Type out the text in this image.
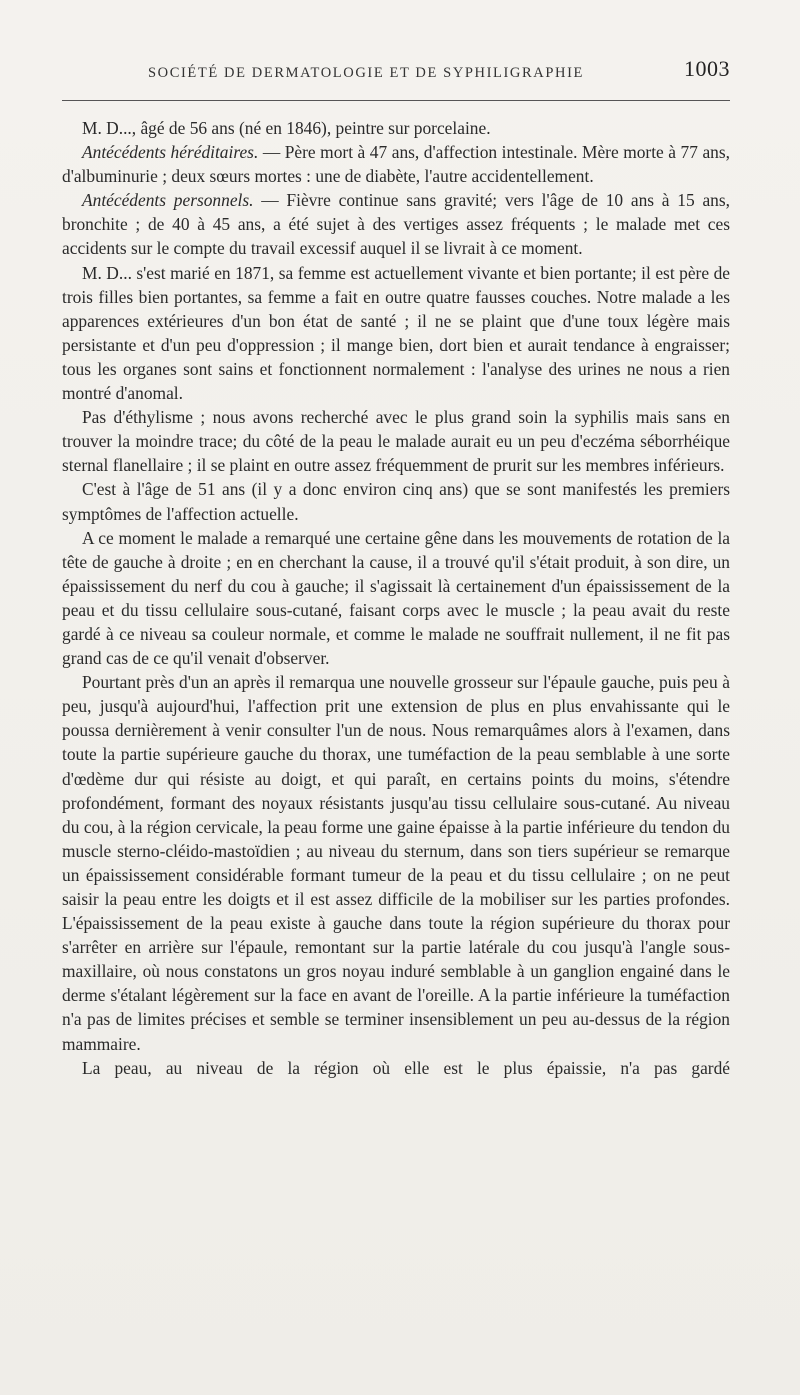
SOCIÉTÉ DE DERMATOLOGIE ET DE SYPHILIGRAPHIE	1003

M. D..., âgé de 56 ans (né en 1846), peintre sur porcelaine.

Antécédents héréditaires. — Père mort à 47 ans, d'affection intestinale. Mère morte à 77 ans, d'albuminurie ; deux sœurs mortes : une de diabète, l'autre accidentellement.

Antécédents personnels. — Fièvre continue sans gravité; vers l'âge de 10 ans à 15 ans, bronchite ; de 40 à 45 ans, a été sujet à des vertiges assez fréquents ; le malade met ces accidents sur le compte du travail excessif auquel il se livrait à ce moment.

M. D... s'est marié en 1871, sa femme est actuellement vivante et bien portante; il est père de trois filles bien portantes, sa femme a fait en outre quatre fausses couches. Notre malade a les apparences extérieures d'un bon état de santé ; il ne se plaint que d'une toux légère mais persistante et d'un peu d'oppression ; il mange bien, dort bien et aurait tendance à engraisser; tous les organes sont sains et fonctionnent normalement : l'analyse des urines ne nous a rien montré d'anomal.

Pas d'éthylisme ; nous avons recherché avec le plus grand soin la syphilis mais sans en trouver la moindre trace; du côté de la peau le malade aurait eu un peu d'eczéma séborrhéique sternal flanellaire ; il se plaint en outre assez fréquemment de prurit sur les membres inférieurs.

C'est à l'âge de 51 ans (il y a donc environ cinq ans) que se sont manifestés les premiers symptômes de l'affection actuelle.

A ce moment le malade a remarqué une certaine gêne dans les mouvements de rotation de la tête de gauche à droite ; en en cherchant la cause, il a trouvé qu'il s'était produit, à son dire, un épaississement du nerf du cou à gauche; il s'agissait là certainement d'un épaississement de la peau et du tissu cellulaire sous-cutané, faisant corps avec le muscle ; la peau avait du reste gardé à ce niveau sa couleur normale, et comme le malade ne souffrait nullement, il ne fit pas grand cas de ce qu'il venait d'observer.

Pourtant près d'un an après il remarqua une nouvelle grosseur sur l'épaule gauche, puis peu à peu, jusqu'à aujourd'hui, l'affection prit une extension de plus en plus envahissante qui le poussa dernièrement à venir consulter l'un de nous. Nous remarquâmes alors à l'examen, dans toute la partie supérieure gauche du thorax, une tuméfaction de la peau semblable à une sorte d'œdème dur qui résiste au doigt, et qui paraît, en certains points du moins, s'étendre profondément, formant des noyaux résistants jusqu'au tissu cellulaire sous-cutané. Au niveau du cou, à la région cervicale, la peau forme une gaine épaisse à la partie inférieure du tendon du muscle sterno-cléido-mastoïdien ; au niveau du sternum, dans son tiers supérieur se remarque un épaississement considérable formant tumeur de la peau et du tissu cellulaire ; on ne peut saisir la peau entre les doigts et il est assez difficile de la mobiliser sur les parties profondes. L'épaississement de la peau existe à gauche dans toute la région supérieure du thorax pour s'arrêter en arrière sur l'épaule, remontant sur la partie latérale du cou jusqu'à l'angle sous-maxillaire, où nous constatons un gros noyau induré semblable à un ganglion engainé dans le derme s'étalant légèrement sur la face en avant de l'oreille. A la partie inférieure la tuméfaction n'a pas de limites précises et semble se terminer insensiblement un peu au-dessus de la région mammaire.

La peau, au niveau de la région où elle est le plus épaissie, n'a pas gardé
